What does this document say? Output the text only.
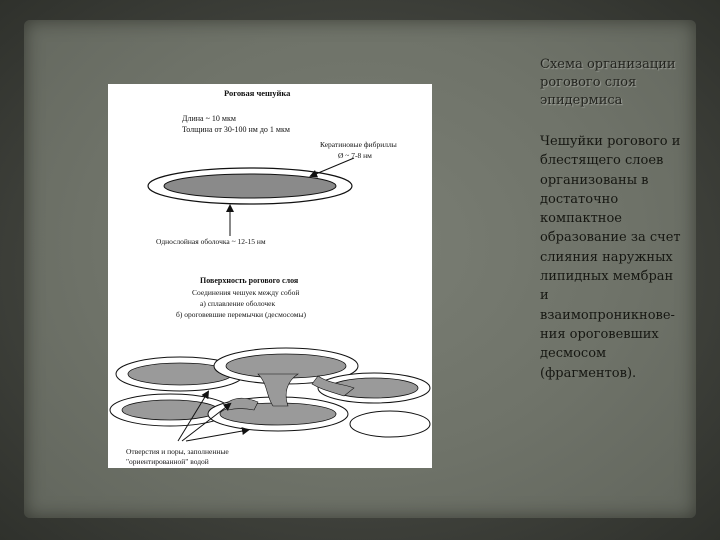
Роговая чешуйка
Длина ~ 10 мкм
Толщина от 30-100 нм до 1 мкм
Кератиновые фибриллы
Ø ~ 7-8 нм
Однослойная оболочка ~ 12-15 нм
Поверхность рогового слоя
Соединения чешуек между собой
а) сплавление оболочек
б) ороговевшие перемычки (десмосомы)
Отверстия и поры, заполненные
"ориентированной" водой
Схема организации рогового слоя эпидермиса
Чешуйки рогового и
блестящего слоев
организованы в
достаточно
компактное
образование за счет
слияния наружных
липидных мембран
и
взаимопроникнове-
ния ороговевших
десмосом
(фрагментов).
